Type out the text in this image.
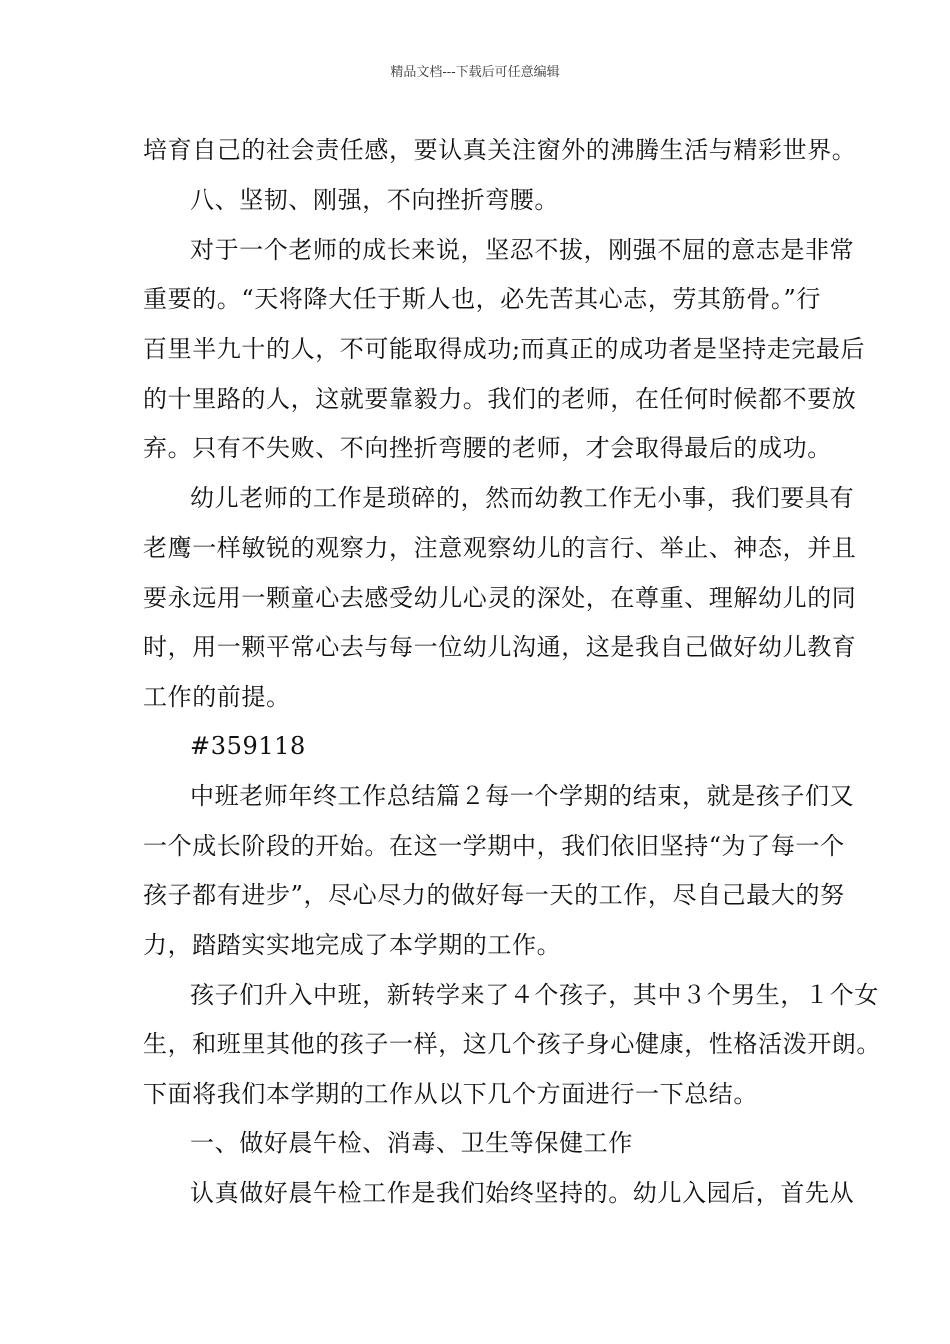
精品文档---下载后可任意编辑
培育自己的社会责任感，要认真关注窗外的沸腾生活与精彩世界。
八、坚韧、刚强，不向挫折弯腰。
对于一个老师的成长来说，坚忍不拔，刚强不屈的意志是非常
重要的。“天将降大任于斯人也，必先苦其心志，劳其筋骨。”行
百里半九十的人，不可能取得成功;而真正的成功者是坚持走完最后
的十里路的人，这就要靠毅力。我们的老师，在任何时候都不要放
弃。只有不失败、不向挫折弯腰的老师，才会取得最后的成功。
幼儿老师的工作是琐碎的，然而幼教工作无小事，我们要具有
老鹰一样敏锐的观察力，注意观察幼儿的言行、举止、神态，并且
要永远用一颗童心去感受幼儿心灵的深处，在尊重、理解幼儿的同
时，用一颗平常心去与每一位幼儿沟通，这是我自己做好幼儿教育
工作的前提。
#359118
中班老师年终工作总结篇２每一个学期的结束，就是孩子们又
一个成长阶段的开始。在这一学期中，我们依旧坚持“为了每一个
孩子都有进步”，尽心尽力的做好每一天的工作，尽自己最大的努
力，踏踏实实地完成了本学期的工作。
孩子们升入中班，新转学来了４个孩子，其中３个男生，１个女
生，和班里其他的孩子一样，这几个孩子身心健康，性格活泼开朗。
下面将我们本学期的工作从以下几个方面进行一下总结。
一、做好晨午检、消毒、卫生等保健工作
认真做好晨午检工作是我们始终坚持的。幼儿入园后，首先从
